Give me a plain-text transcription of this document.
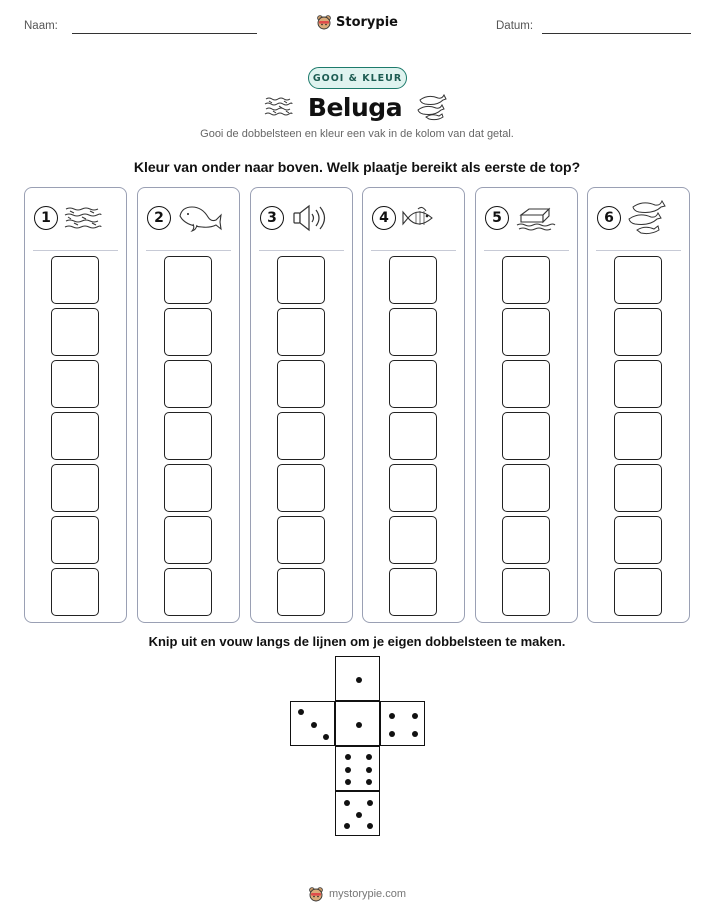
Naam:	Storypie	Datum:
GOOI & KLEUR
Beluga
Gooi de dobbelsteen en kleur een vak in de kolom van dat getal.
Kleur van onder naar boven. Welk plaatje bereikt als eerste de top?
1	2	3	4	5	6
Knip uit en vouw langs de lijnen om je eigen dobbelsteen te maken.
mystorypie.com
